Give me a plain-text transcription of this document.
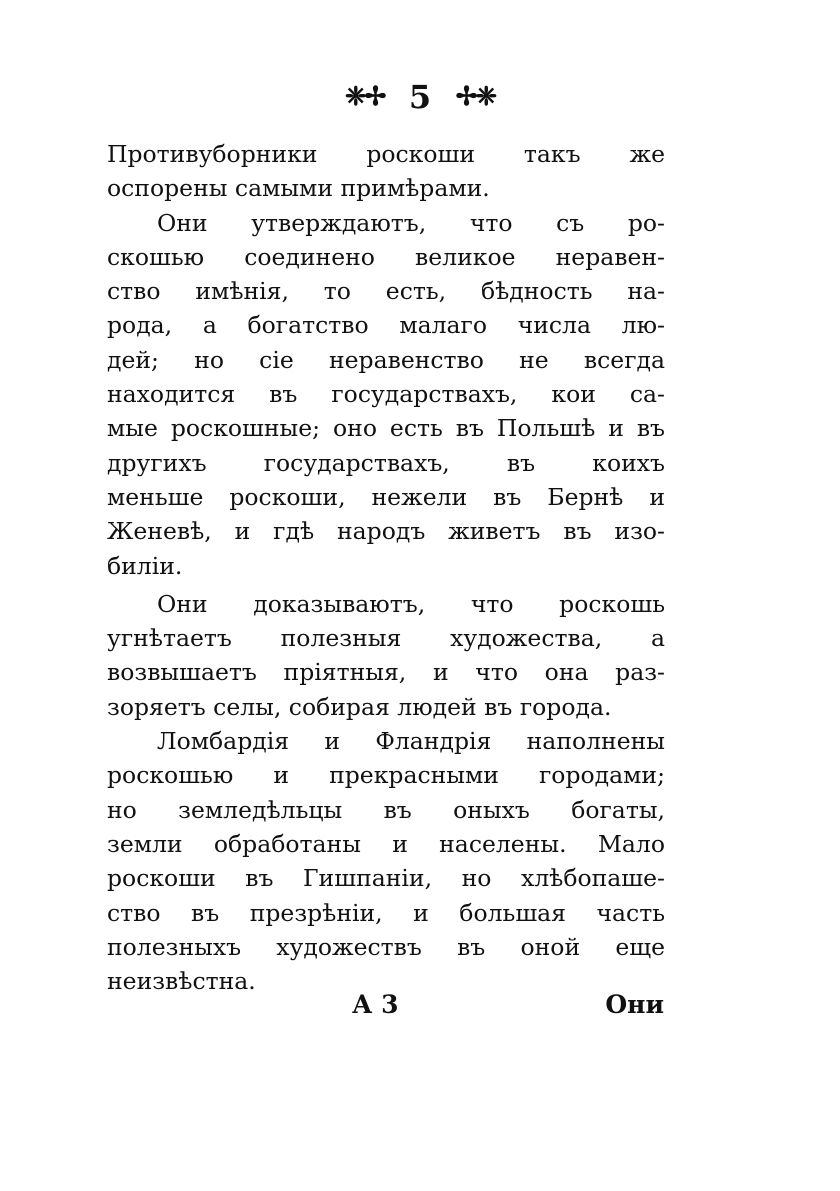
❈✢ 5 ✢❈
Противуборники роскоши такъ же
оспорены самыми примѣрами.
Они утверждаютъ, что съ ро-
скошью соединено великое неравен-
ство имѣнія, то есть, бѣдность на-
рода, а богатство малаго числа лю-
дей; но сіе неравенство не всегда
находится въ государствахъ, кои са-
мые роскошные; оно есть въ Польшѣ и въ
другихъ государствахъ, въ коихъ
меньше роскоши, нежели въ Бернѣ и
Женевѣ, и гдѣ народъ живетъ въ изо-
биліи.
Они доказываютъ, что роскошь
угнѣтаетъ полезныя художества, а
возвышаетъ пріятныя, и что она раз-
зоряетъ селы, собирая людей въ города.
Ломбардія и Фландрія наполнены
роскошью и прекрасными городами;
но земледѣльцы въ оныхъ богаты,
земли обработаны и населены. Мало
роскоши въ Гишпаніи, но хлѣбопаше-
ство въ презрѣніи, и большая часть
полезныхъ художествъ въ оной еще
неизвѣстна.
А 3	Они
